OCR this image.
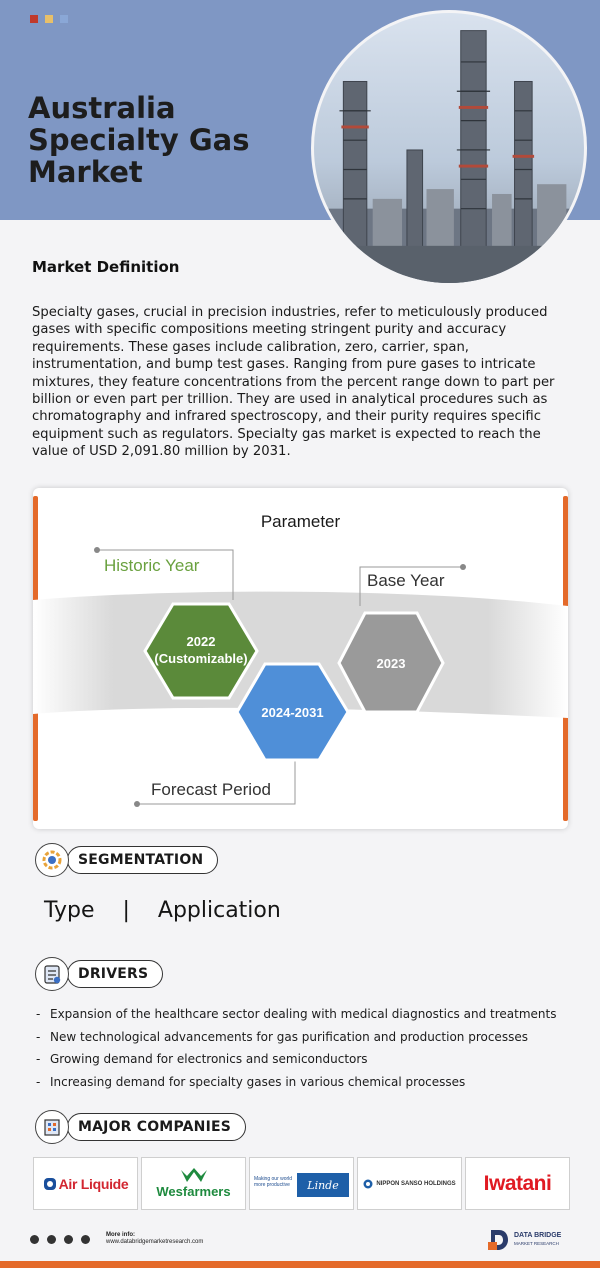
Australia
Specialty Gas
Market
Market Definition
Specialty gases, crucial in precision industries, refer to meticulously produced gases with specific compositions meeting stringent purity and accuracy requirements. These gases include calibration, zero, carrier, span, instrumentation, and bump test gases. Ranging from pure gases to intricate mixtures, they feature concentrations from the percent range down to part per billion or even part per trillion. They are used in analytical procedures such as chromatography and infrared spectroscopy, and their purity requires specific equipment such as regulators. Specialty gas market is expected to reach the value of USD 2,091.80 million by 2031.
Parameter
Historic Year
Base Year
Forecast Period
2022
(Customizable)	2023
2024-2031
SEGMENTATION
Type    |    Application
DRIVERS
- Expansion of the healthcare sector dealing with medical diagnostics and treatments
- New technological advancements for gas purification and production processes
- Growing demand for electronics and semiconductors
- Increasing demand for specialty gases in various chemical processes
MAJOR COMPANIES
Air Liquide Wesfarmers
Making our world
more productive Linde	NIPPON SANSO HOLDINGS Iwatani
More info:
www.databridgemarketresearch.com
DATA BRIDGE
MARKET RESEARCH
